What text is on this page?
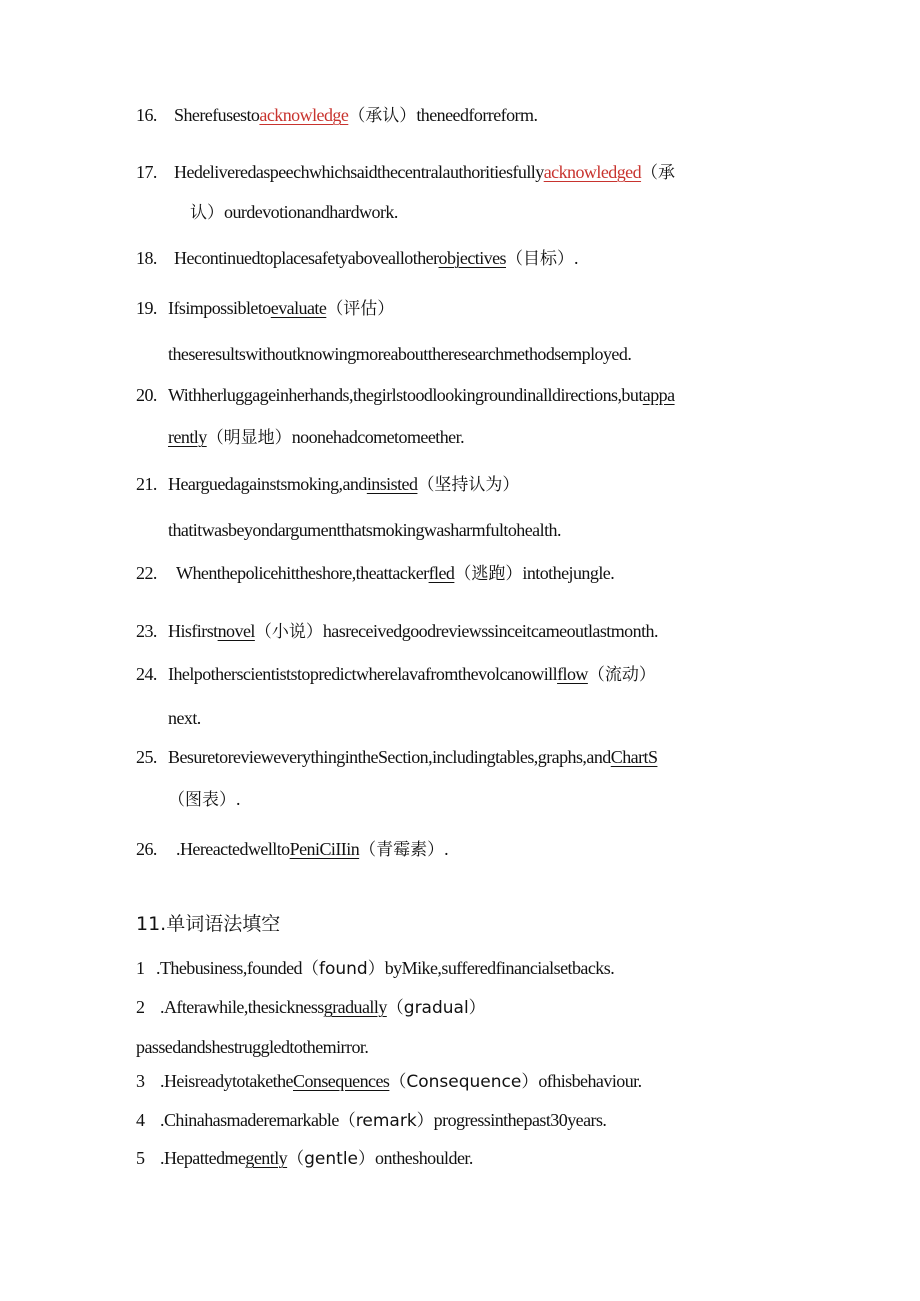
16. Sherefusestoacknowledge（承认）theneedforreform.
17. Hedeliveredaspeechwhichsaidthecentralauthoritiesfullyacknowledged（承
认）ourdevotionandhardwork.
18. Hecontinuedtoplacesafetyaboveallotherobjectives（目标）.
19. Ifsimpossibletoevaluate（评估）
theseresultswithoutknowingmoreabouttheresearchmethodsemployed.
20. Withherluggageinherhands,thegirlstoodlookingroundinalldirections,butappa
rently（明显地）noonehadcometomeether.
21. Hearguedagainstsmoking,andinsisted（坚持认为）
thatitwasbeyondargumentthatsmokingwasharmfultohealth.
22. Whenthepolicehittheshore,theattackerfled（逃跑）intothejungle.
23. Hisfirstnovel（小说）hasreceivedgoodreviewssinceitcameoutlastmonth.
24. Ihelpotherscientiststopredictwherelavafromthevolcanowillflow（流动）
next.
25. BesuretorevieweverythingintheSection,includingtables,graphs,andChartS
（图表）.
26. .HereactedwelltoPeniCiIIin（青霉素）.
11.单词语法填空
1 .Thebusiness,founded（found）byMike,sufferedfinancialsetbacks.
2 .Afterawhile,thesicknessgradually（gradual）
passedandshestruggledtothemirror.
3 .HeisreadytotaketheConsequences（Consequence）ofhisbehaviour.
4 .Chinahasmaderemarkable（remark）progressinthepast30years.
5 .Hepattedmegently（gentle）ontheshoulder.
